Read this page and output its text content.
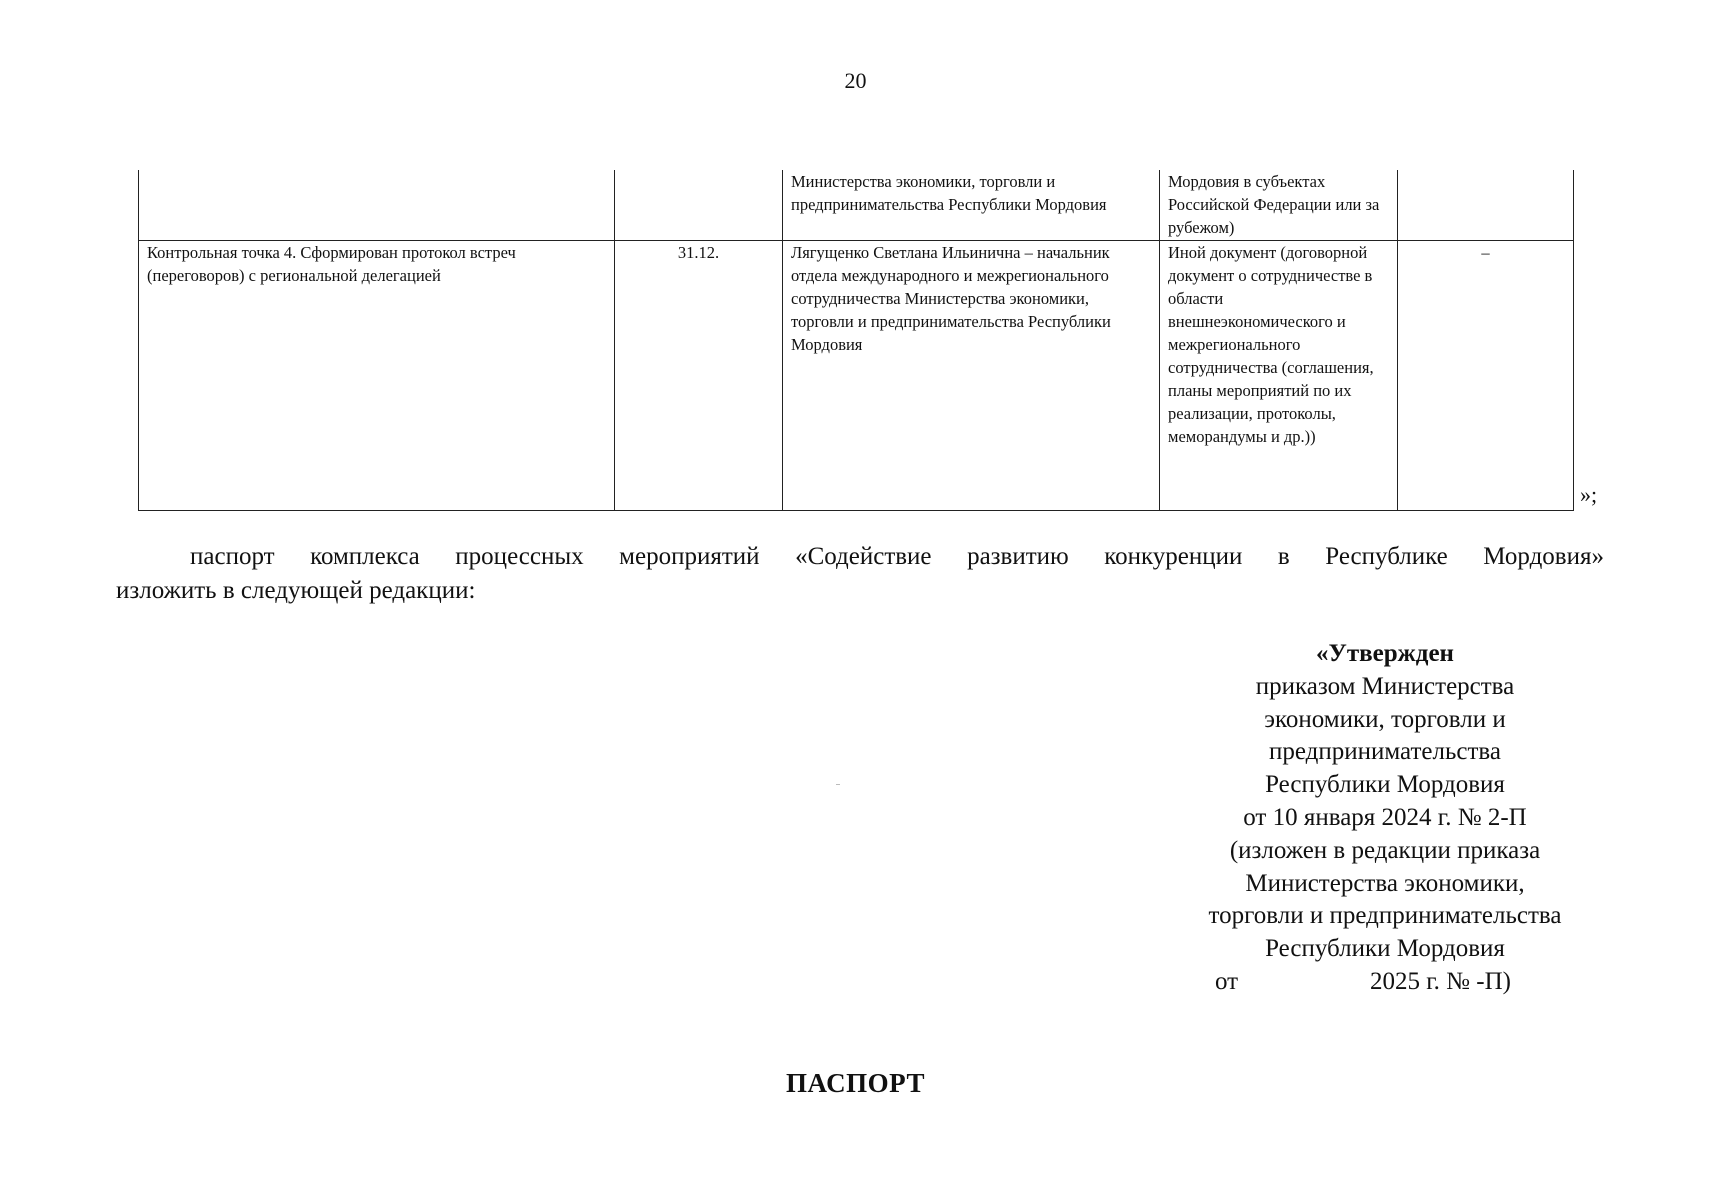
20
		Министерства экономики, торговли и предпринимательства Республики Мордовия	Мордовия в субъектах Российской Федерации или за рубежом)	
Контрольная точка 4. Сформирован протокол встреч (переговоров) с региональной делегацией	31.12.	Лягущенко Светлана Ильинична – начальник отдела международного и межрегионального сотрудничества Министерства экономики, торговли и предпринимательства Республики Мордовия	Иной документ (договорной документ о сотрудничестве в области внешнеэкономического и межрегионального сотрудничества (соглашения, планы мероприятий по их реализации, протоколы, меморандумы и др.))	–
»;
паспорт комплекса процессных мероприятий «Содействие развитию конкуренции в Республике Мордовия»
изложить в следующей редакции:
«Утвержден
приказом Министерства
экономики, торговли и
предпринимательства
Республики Мордовия
от 10 января 2024 г. № 2-П
(изложен в редакции приказа
Министерства экономики,
торговли и предпринимательства
Республики Мордовия
от	2025 г. № -П)
ПАСПОРТ
